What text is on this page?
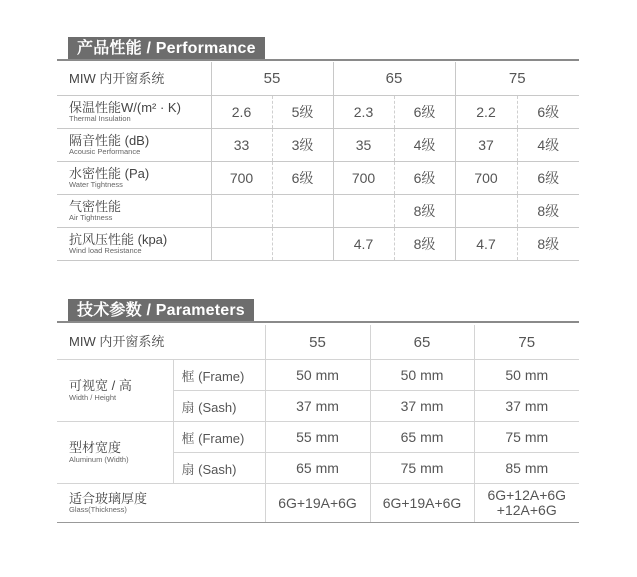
产品性能 / Performance
MIW 内开窗系统	55		65		75	

保温性能W/(m² · K)
Thermal Insulation	2.6	5级	2.3	6级	2.2	6级

隔音性能 (dB)
Acousic Performance	33	3级	35	4级	37	4级

水密性能 (Pa)
Water Tightness	700	6级	700	6级	700	6级

气密性能
Air Tightness				8级		8级

抗风压性能 (kpa)
Wind load Resistance			4.7	8级	4.7	8级
技术参数 / Parameters
MIW 内开窗系统		55	65	75

可视宽 / 高
Width / Height	框 (Frame)	50 mm	50 mm	50 mm
	扇 (Sash)	37 mm	37 mm	37 mm

型材宽度
Aluminum (Width)	框 (Frame)	55 mm	65 mm	75 mm
	扇 (Sash)	65 mm	75 mm	85 mm

适合玻璃厚度
Glass(Thickness)		6G+19A+6G	6G+19A+6G	6G+12A+6G
+12A+6G
